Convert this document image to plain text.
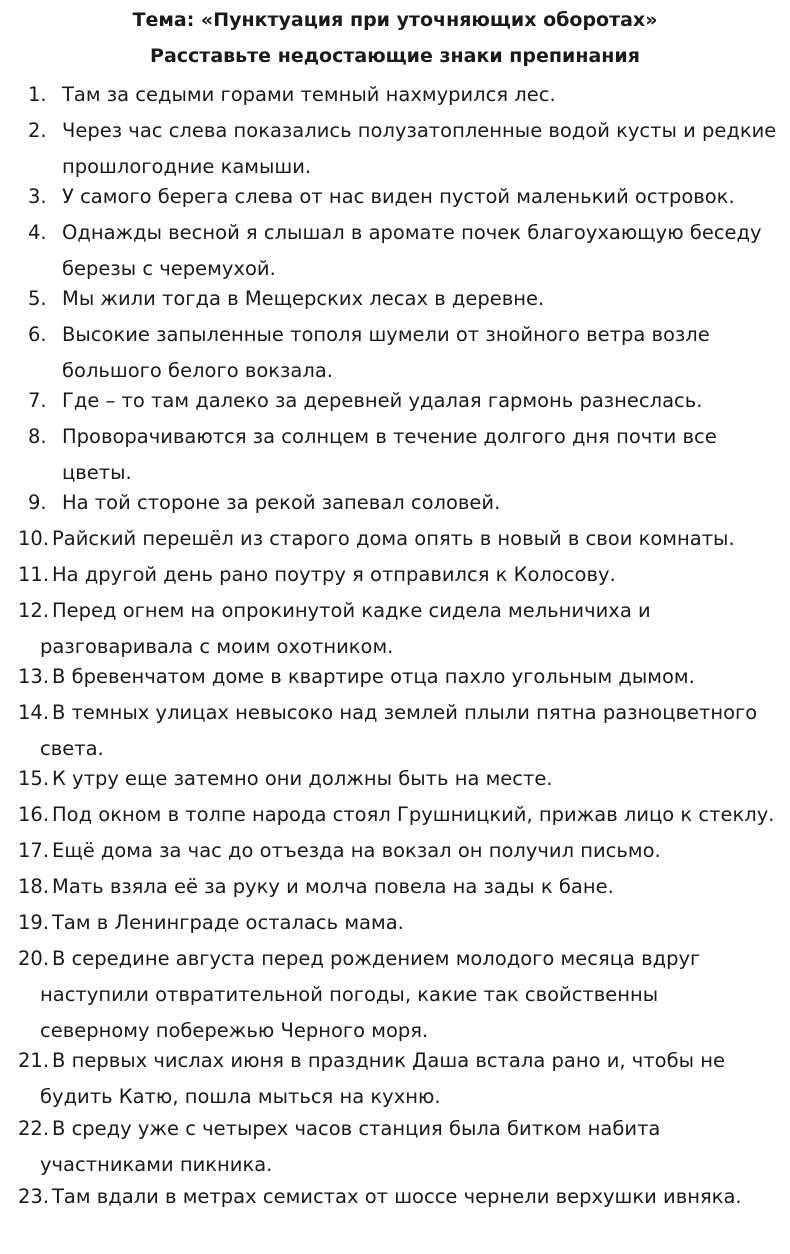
Тема: «Пунктуация при уточняющих оборотах»
Расставьте недостающие знаки препинания
1. Там за седыми горами темный нахмурился лес.
2. Через час слева показались полузатопленные водой кусты и редкие
прошлогодние камыши.
3. У самого берега слева от нас виден пустой маленький островок.
4. Однажды весной я слышал в аромате почек благоухающую беседу
березы с черемухой.
5. Мы жили тогда в Мещерских лесах в деревне.
6. Высокие запыленные тополя шумели от знойного ветра возле
большого белого вокзала.
7. Где – то там далеко за деревней удалая гармонь разнеслась.
8. Проворачиваются за солнцем в течение долгого дня почти все
цветы.
9. На той стороне за рекой запевал соловей.
10. Райский перешёл из старого дома опять в новый в свои комнаты.
11. На другой день рано поутру я отправился к Колосову.
12. Перед огнем на опрокинутой кадке сидела мельничиха и
разговаривала с моим охотником.
13. В бревенчатом доме в квартире отца пахло угольным дымом.
14. В темных улицах невысоко над землей плыли пятна разноцветного
света.
15. К утру еще затемно они должны быть на месте.
16. Под окном в толпе народа стоял Грушницкий, прижав лицо к стеклу.
17. Ещё дома за час до отъезда на вокзал он получил письмо.
18. Мать взяла её за руку и молча повела на зады к бане.
19. Там в Ленинграде осталась мама.
20. В середине августа перед рождением молодого месяца вдруг
наступили отвратительной погоды, какие так свойственны
северному побережью Черного моря.
21. В первых числах июня в праздник Даша встала рано и, чтобы не
будить Катю, пошла мыться на кухню.
22. В среду уже с четырех часов станция была битком набита
участниками пикника.
23. Там вдали в метрах семистах от шоссе чернели верхушки ивняка.
